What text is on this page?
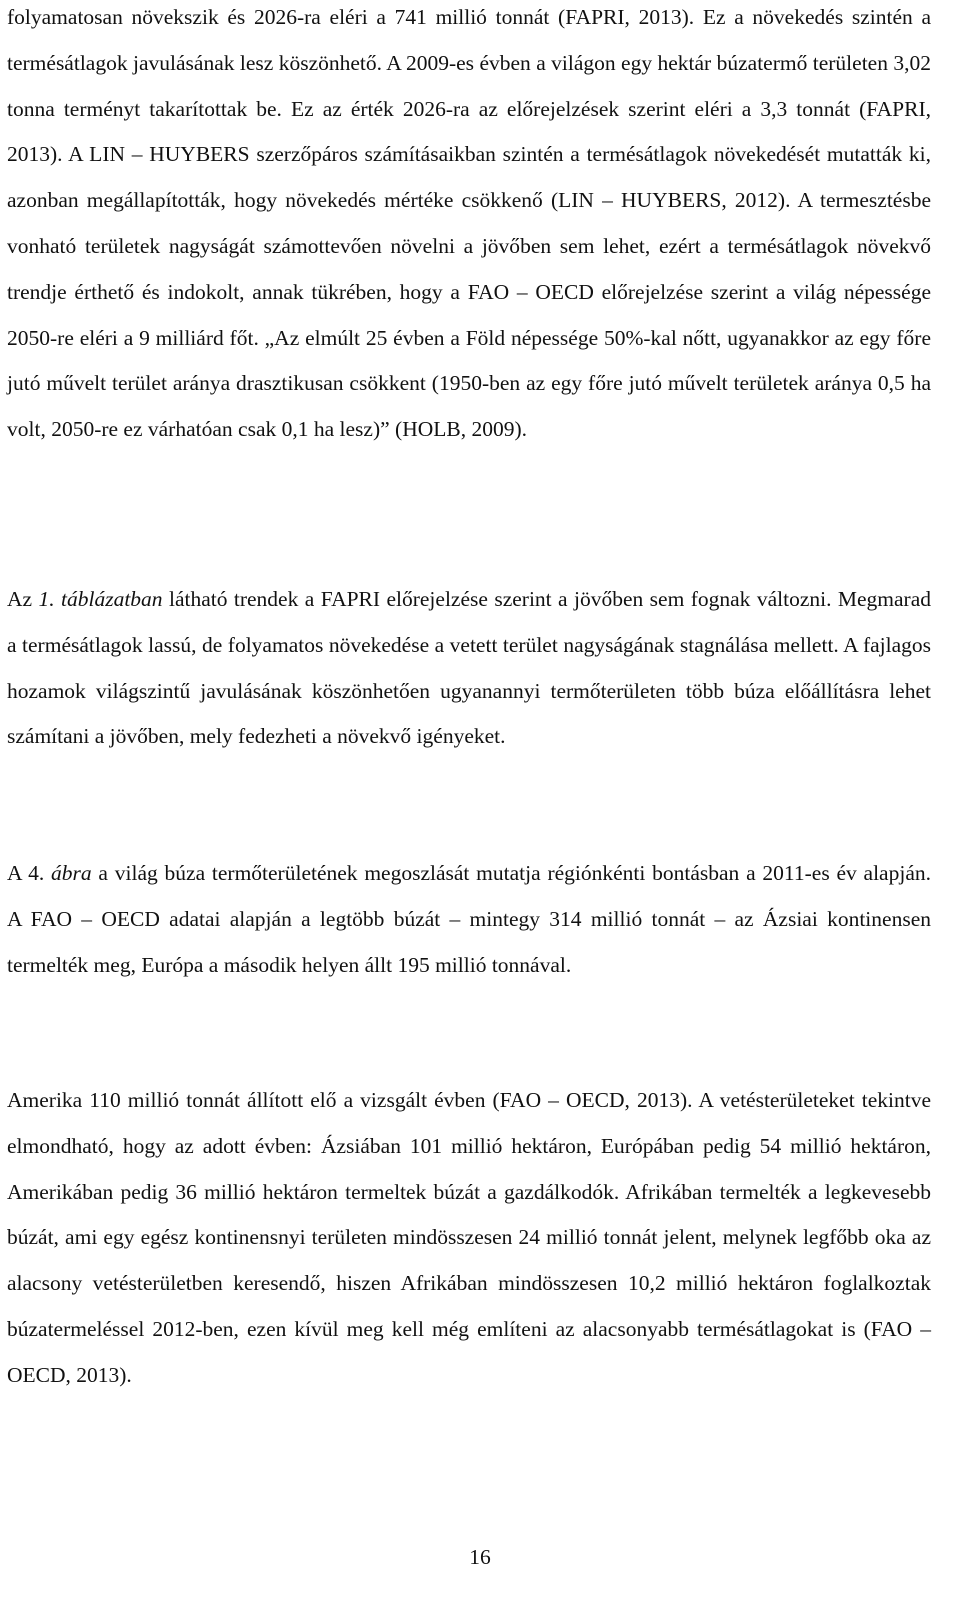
folyamatosan növekszik és 2026-ra eléri a 741 millió tonnát (FAPRI, 2013). Ez a növekedés szintén a termésátlagok javulásának lesz köszönhető. A 2009-es évben a világon egy hektár búzatermő területen 3,02 tonna terményt takarítottak be. Ez az érték 2026-ra az előrejelzések szerint eléri a 3,3 tonnát (FAPRI, 2013). A LIN – HUYBERS szerzőpáros számításaikban szintén a termésátlagok növekedését mutatták ki, azonban megállapították, hogy növekedés mértéke csökkenő (LIN – HUYBERS, 2012). A termesztésbe vonható területek nagyságát számottevően növelni a jövőben sem lehet, ezért a termésátlagok növekvő trendje érthető és indokolt, annak tükrében, hogy a FAO – OECD előrejelzése szerint a világ népessége 2050-re eléri a 9 milliárd főt. „Az elmúlt 25 évben a Föld népessége 50%-kal nőtt, ugyanakkor az egy főre jutó művelt terület aránya drasztikusan csökkent (1950-ben az egy főre jutó művelt területek aránya 0,5 ha volt, 2050-re ez várhatóan csak 0,1 ha lesz)” (HOLB, 2009).

Az 1. táblázatban látható trendek a FAPRI előrejelzése szerint a jövőben sem fognak változni. Megmarad a termésátlagok lassú, de folyamatos növekedése a vetett terület nagyságának stagnálása mellett. A fajlagos hozamok világszintű javulásának köszönhetően ugyanannyi termőterületen több búza előállításra lehet számítani a jövőben, mely fedezheti a növekvő igényeket.

A 4. ábra a világ búza termőterületének megoszlását mutatja régiónkénti bontásban a 2011-es év alapján. A FAO – OECD adatai alapján a legtöbb búzát – mintegy 314 millió tonnát – az Ázsiai kontinensen termelték meg, Európa a második helyen állt 195 millió tonnával.

Amerika 110 millió tonnát állított elő a vizsgált évben (FAO – OECD, 2013). A vetésterületeket tekintve elmondható, hogy az adott évben: Ázsiában 101 millió hektáron, Európában pedig 54 millió hektáron, Amerikában pedig 36 millió hektáron termeltek búzát a gazdálkodók. Afrikában termelték a legkevesebb búzát, ami egy egész kontinensnyi területen mindösszesen 24 millió tonnát jelent, melynek legfőbb oka az alacsony vetésterületben keresendő, hiszen Afrikában mindösszesen 10,2 millió hektáron foglalkoztak búzatermeléssel 2012-ben, ezen kívül meg kell még említeni az alacsonyabb termésátlagokat is (FAO – OECD, 2013).

16
